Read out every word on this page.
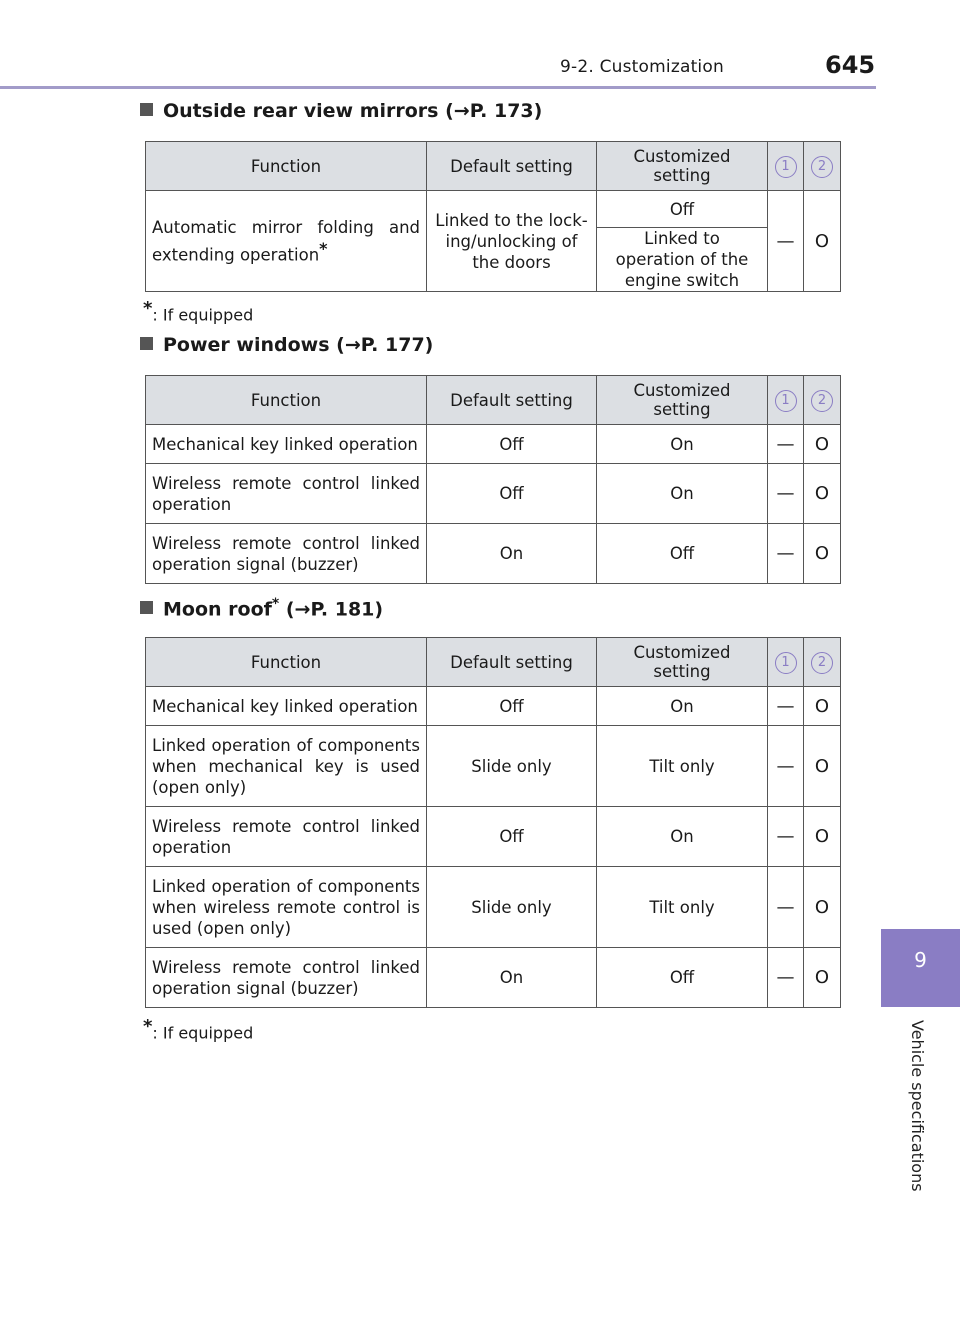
9-2. Customization	645
9
Vehicle specifications
Outside rear view mirrors (→P. 173)
Function	Default setting	Customized setting	1	2
Automatic mirror folding and extending operation*	Linked to the lock-ing/unlocking of the doors	Off	—	O
		Linked to operation of the engine switch		
*: If equipped
Power windows (→P. 177)
Function	Default setting	Customized setting	1	2
Mechanical key linked operation	Off	On	—	O
Wireless remote control linked operation	Off	On	—	O
Wireless remote control linked operation signal (buzzer)	On	Off	—	O
Moon roof* (→P. 181)
Function	Default setting	Customized setting	1	2
Mechanical key linked operation	Off	On	—	O
Linked operation of components when mechanical key is used (open only)	Slide only	Tilt only	—	O
Wireless remote control linked operation	Off	On	—	O
Linked operation of components when wireless remote control is used (open only)	Slide only	Tilt only	—	O
Wireless remote control linked operation signal (buzzer)	On	Off	—	O
*: If equipped
